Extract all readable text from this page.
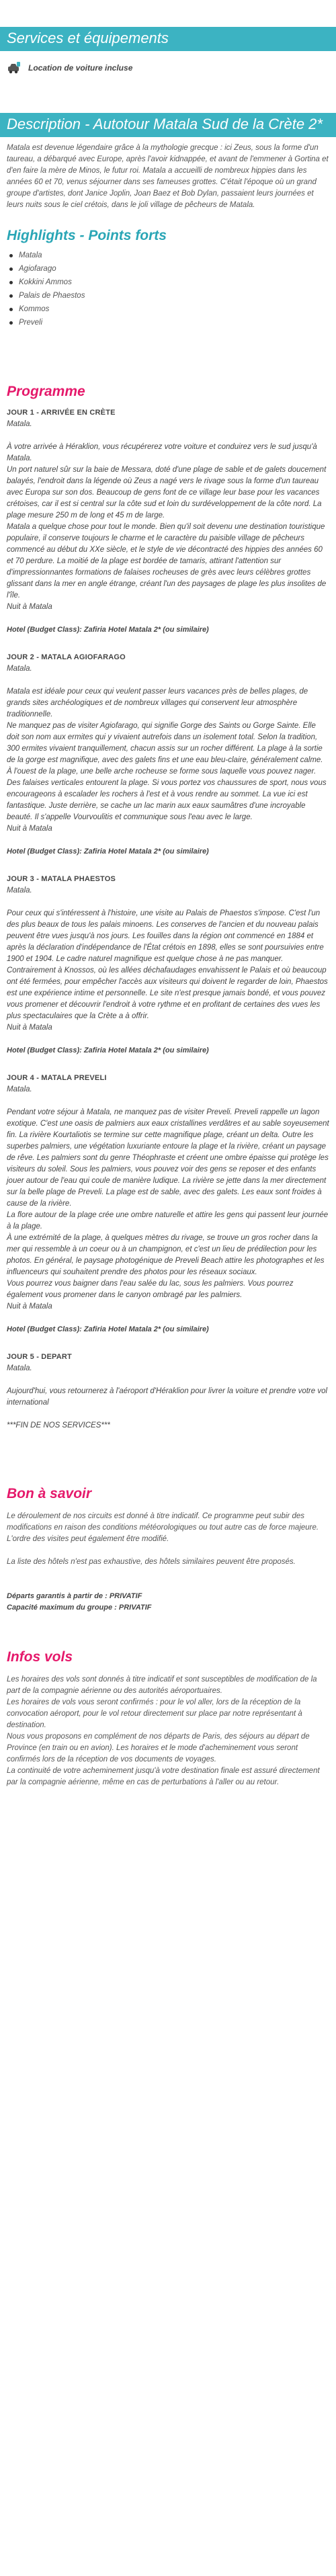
Services et équipements
Location de voiture incluse
Description - Autotour Matala Sud de la Crète 2*

Matala est devenue légendaire grâce à la mythologie grecque : ici Zeus, sous la forme d'un taureau, a débarqué avec Europe, après l'avoir kidnappée, et avant de l'emmener à Gortina et d'en faire la mère de Minos, le futur roi. Matala a accueilli de nombreux hippies dans les années 60 et 70, venus séjourner dans ses fameuses grottes. C'était l'époque où un grand groupe d'artistes, dont Janice Joplin, Joan Baez et Bob Dylan, passaient leurs journées et leurs nuits sous le ciel crétois, dans le joli village de pêcheurs de Matala.

Highlights - Points forts
Matala
Agiofarago
Kokkini Ammos
Palais de Phaestos
Kommos
Preveli
Programme
JOUR 1 - ARRIVÉE EN CRÈTE
Matala.
À votre arrivée à Héraklion, vous récupérerez votre voiture et conduirez vers le sud jusqu'à Matala.
Un port naturel sûr sur la baie de Messara, doté d'une plage de sable et de galets doucement balayés, l'endroit dans la légende où Zeus a nagé vers le rivage sous la forme d'un taureau avec Europa sur son dos. Beaucoup de gens font de ce village leur base pour les vacances crétoises, car il est si central sur la côte sud et loin du surdéveloppement de la côte nord. La plage mesure 250 m de long et 45 m de large.
Matala a quelque chose pour tout le monde. Bien qu'il soit devenu une destination touristique populaire, il conserve toujours le charme et le caractère du paisible village de pêcheurs commencé au début du XXe siècle, et le style de vie décontracté des hippies des années 60 et 70 perdure. La moitié de la plage est bordée de tamaris, attirant l'attention sur d'impressionnantes formations de falaises rocheuses de grès avec leurs célèbres grottes glissant dans la mer en angle étrange, créant l'un des paysages de plage les plus insolites de l'île.
Nuit à Matala
Hotel (Budget Class): Zafiria Hotel Matala 2* (ou similaire)
JOUR 2 - MATALA AGIOFARAGO
Matala.
Matala est idéale pour ceux qui veulent passer leurs vacances près de belles plages, de grands sites archéologiques et de nombreux villages qui conservent leur atmosphère traditionnelle.
Ne manquez pas de visiter Agiofarago, qui signifie Gorge des Saints ou Gorge Sainte. Elle doit son nom aux ermites qui y vivaient autrefois dans un isolement total. Selon la tradition, 300 ermites vivaient tranquillement, chacun assis sur un rocher différent. La plage à la sortie de la gorge est magnifique, avec des galets fins et une eau bleu-claire, généralement calme. À l'ouest de la plage, une belle arche rocheuse se forme sous laquelle vous pouvez nager. Des falaises verticales entourent la plage. Si vous portez vos chaussures de sport, nous vous encourageons à escalader les rochers à l'est et à vous rendre au sommet. La vue ici est fantastique. Juste derrière, se cache un lac marin aux eaux saumâtres d'une incroyable beauté. Il s'appelle Vourvoulitis et communique sous l'eau avec le large.
Nuit à Matala
Hotel (Budget Class): Zafiria Hotel Matala 2* (ou similaire)
JOUR 3 - MATALA PHAESTOS
Matala.
Pour ceux qui s'intéressent à l'histoire, une visite au Palais de Phaestos s'impose. C'est l'un des plus beaux de tous les palais minoens. Les conserves de l'ancien et du nouveau palais peuvent être vues jusqu'à nos jours. Les fouilles dans la région ont commencé en 1884 et après la déclaration d'indépendance de l'État crétois en 1898, elles se sont poursuivies entre 1900 et 1904. Le cadre naturel magnifique est quelque chose à ne pas manquer. Contrairement à Knossos, où les allées déchafaudages envahissent le Palais et où beaucoup ont été fermées, pour empêcher l'accès aux visiteurs qui doivent le regarder de loin, Phaestos est une expérience intime et personnelle. Le site n'est presque jamais bondé, et vous pouvez vous promener et découvrir l'endroit à votre rythme et en profitant de certaines des vues les plus spectaculaires que la Crète a à offrir.
Nuit à Matala
Hotel (Budget Class): Zafiria Hotel Matala 2* (ou similaire)
JOUR 4 - MATALA PREVELI
Matala.
Pendant votre séjour à Matala, ne manquez pas de visiter Preveli. Preveli rappelle un lagon exotique. C'est une oasis de palmiers aux eaux cristallines verdâtres et au sable soyeusement fin. La rivière Kourtaliotis se termine sur cette magnifique plage, créant un delta. Outre les superbes palmiers, une végétation luxuriante entoure la plage et la rivière, créant un paysage de rêve. Les palmiers sont du genre Théophraste et créent une ombre épaisse qui protège les visiteurs du soleil. Sous les palmiers, vous pouvez voir des gens se reposer et des enfants jouer autour de l'eau qui coule de manière ludique. La rivière se jette dans la mer directement sur la belle plage de Preveli. La plage est de sable, avec des galets. Les eaux sont froides à cause de la rivière.
La flore autour de la plage crée une ombre naturelle et attire les gens qui passent leur journée à la plage.
À une extrémité de la plage, à quelques mètres du rivage, se trouve un gros rocher dans la mer qui ressemble à un coeur ou à un champignon, et c'est un lieu de prédilection pour les photos. En général, le paysage photogénique de Preveli Beach attire les photographes et les influenceurs qui souhaitent prendre des photos pour les réseaux sociaux.
Vous pourrez vous baigner dans l'eau salée du lac, sous les palmiers. Vous pourrez également vous promener dans le canyon ombragé par les palmiers.
Nuit à Matala
Hotel (Budget Class): Zafiria Hotel Matala 2* (ou similaire)
JOUR 5 - DEPART
Matala.
Aujourd'hui, vous retournerez à l'aéroport d'Héraklion pour livrer la voiture et prendre votre vol international
***FIN DE NOS SERVICES***
Bon à savoir

Le déroulement de nos circuits est donné à titre indicatif. Ce programme peut subir des modifications en raison des conditions météorologiques ou tout autre cas de force majeure. L'ordre des visites peut également être modifié.

La liste des hôtels n'est pas exhaustive, des hôtels similaires peuvent être proposés.

Départs garantis à partir de : PRIVATIF
Capacité maximum du groupe : PRIVATIF
Infos vols
Les horaires des vols sont donnés à titre indicatif et sont susceptibles de modification de la part de la compagnie aérienne ou des autorités aéroportuaires.
Les horaires de vols vous seront confirmés : pour le vol aller, lors de la réception de la convocation aéroport, pour le vol retour directement sur place par notre représentant à destination.
Nous vous proposons en complément de nos départs de Paris, des séjours au départ de Province (en train ou en avion). Les horaires et le mode d'acheminement vous seront confirmés lors de la réception de vos documents de voyages.
La continuité de votre acheminement jusqu'à votre destination finale est assuré directement par la compagnie aérienne, même en cas de perturbations à l'aller ou au retour.
